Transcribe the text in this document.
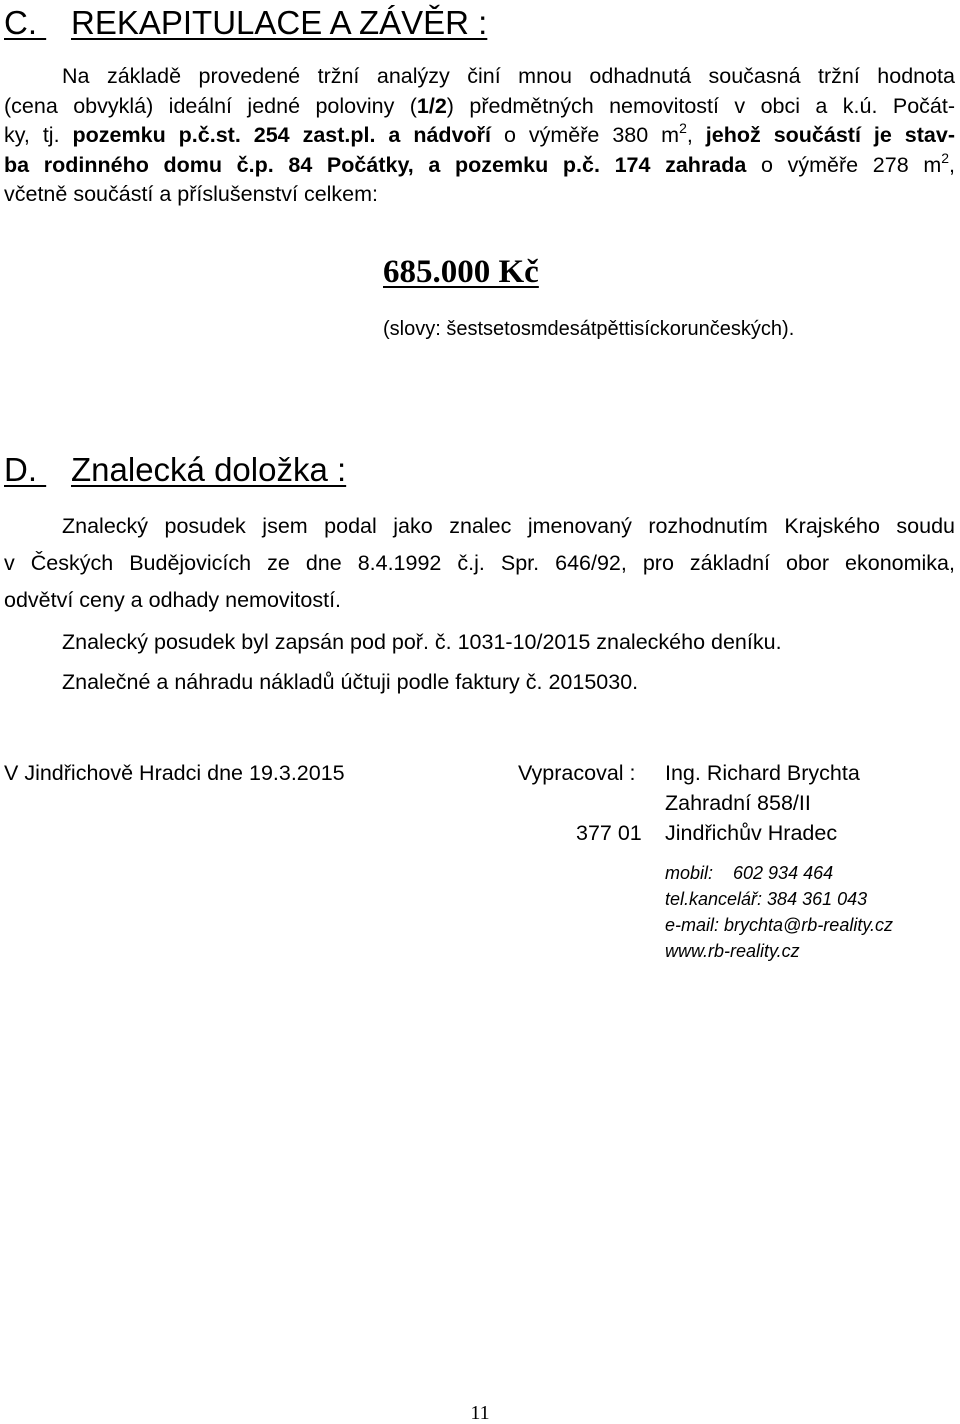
C. REKAPITULACE A ZÁVĚR :
Na základě provedené tržní analýzy činí mnou odhadnutá současná tržní hodnota
(cena obvyklá) ideální jedné poloviny (1/2) předmětných nemovitostí v obci a k.ú. Počát-
ky, tj. pozemku p.č.st. 254 zast.pl. a nádvoří o výměře 380 $m^2$, jehož součástí je stav-
ba rodinného domu č.p. 84 Počátky, a pozemku p.č. 174 zahrada o výměře 278 $m^2$,
včetně součástí a příslušenství celkem:
685.000 Kč
(slovy: šestsetosmdesátpěttisíckorunčeských).
D. Znalecká doložka :
Znalecký posudek jsem podal jako znalec jmenovaný rozhodnutím Krajského soudu
v Českých Budějovicích ze dne 8.4.1992 č.j. Spr. 646/92, pro základní obor ekonomika,
odvětví ceny a odhady nemovitostí.
Znalecký posudek byl zapsán pod poř. č. 1031-10/2015 znaleckého deníku.
Znalečné a náhradu nákladů účtuji podle faktury č. 2015030.
V Jindřichově Hradci dne 19.3.2015	Vypracoval : Ing. Richard Brychta
Zahradní 858/II
377 01 Jindřichův Hradec
mobil: 602 934 464
tel.kancelář: 384 361 043
e-mail: brychta@rb-reality.cz
www.rb-reality.cz
11
